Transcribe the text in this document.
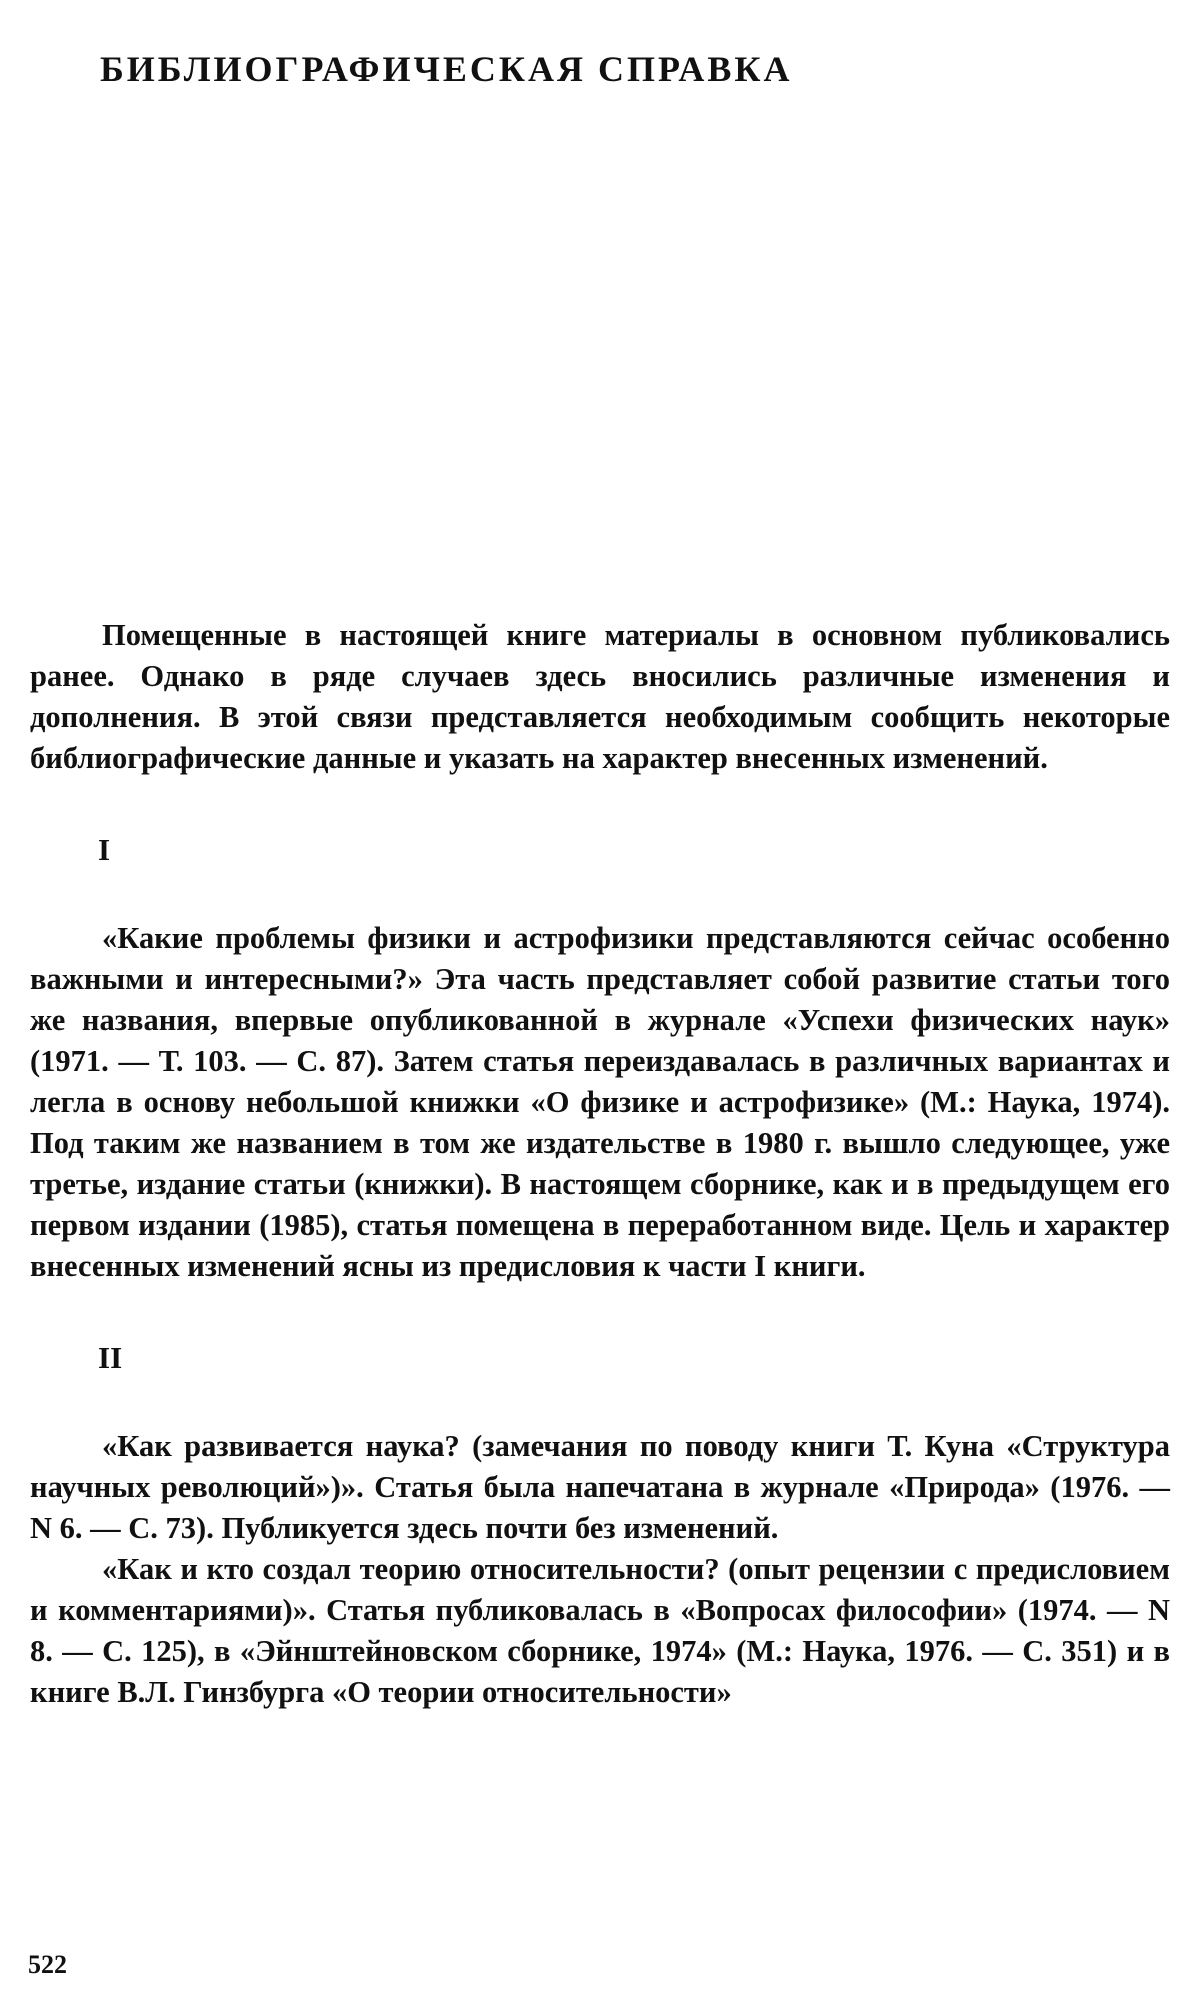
БИБЛИОГРАФИЧЕСКАЯ СПРАВКА

Помещенные в настоящей книге материалы в основном публиковались ранее. Однако в ряде случаев здесь вносились различные изменения и дополнения. В этой связи представляется необходимым сообщить некоторые библиографические данные и указать на характер внесенных изменений.

I

«Какие проблемы физики и астрофизики представляются сейчас особенно важными и интересными?» Эта часть представляет собой развитие статьи того же названия, впервые опубликованной в журнале «Успехи физических наук» (1971. — Т. 103. — С. 87). Затем статья переиздавалась в различных вариантах и легла в основу небольшой книжки «О физике и астрофизике» (М.: Наука, 1974). Под таким же названием в том же издательстве в 1980 г. вышло следующее, уже третье, издание статьи (книжки). В настоящем сборнике, как и в предыдущем его первом издании (1985), статья помещена в переработанном виде. Цель и характер внесенных изменений ясны из предисловия к части I книги.

II

«Как развивается наука? (замечания по поводу книги Т. Куна «Структура научных революций»)». Статья была напечатана в журнале «Природа» (1976. — N 6. — С. 73). Публикуется здесь почти без изменений.

«Как и кто создал теорию относительности? (опыт рецензии с предисловием и комментариями)». Статья публиковалась в «Вопросах философии» (1974. — N 8. — С. 125), в «Эйнштейновском сборнике, 1974» (М.: Наука, 1976. — С. 351) и в книге В.Л. Гинзбурга «О теории относительности»

522
